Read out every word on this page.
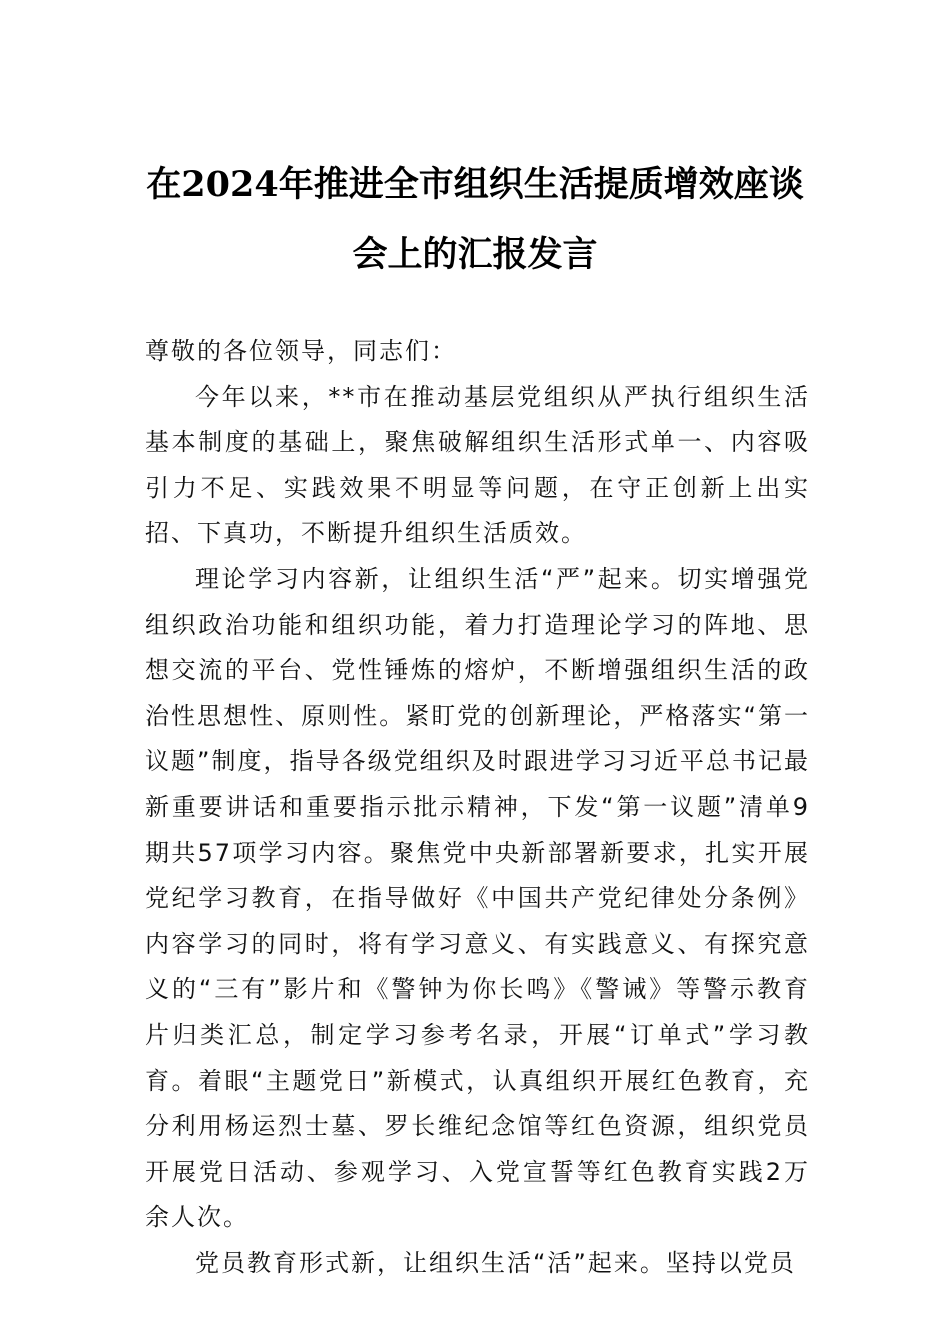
在2024年推进全市组织生活提质增效座谈
会上的汇报发言

尊敬的各位领导，同志们：

今年以来，**市在推动基层党组织从严执行组织生活基本制度的基础上，聚焦破解组织生活形式单一、内容吸引力不足、实践效果不明显等问题，在守正创新上出实招、下真功，不断提升组织生活质效。

理论学习内容新，让组织生活“严”起来。切实增强党组织政治功能和组织功能，着力打造理论学习的阵地、思想交流的平台、党性锤炼的熔炉，不断增强组织生活的政治性思想性、原则性。紧盯党的创新理论，严格落实“第一议题”制度，指导各级党组织及时跟进学习习近平总书记最新重要讲话和重要指示批示精神，下发“第一议题”清单9期共57项学习内容。聚焦党中央新部署新要求，扎实开展党纪学习教育，在指导做好《中国共产党纪律处分条例》内容学习的同时，将有学习意义、有实践意义、有探究意义的“三有”影片和《警钟为你长鸣》《警诫》等警示教育片归类汇总，制定学习参考名录，开展“订单式”学习教育。着眼“主题党日”新模式，认真组织开展红色教育，充分利用杨运烈士墓、罗长维纪念馆等红色资源，组织党员开展党日活动、参观学习、入党宣誓等红色教育实践2万余人次。

党员教育形式新，让组织生活“活”起来。坚持以党员
